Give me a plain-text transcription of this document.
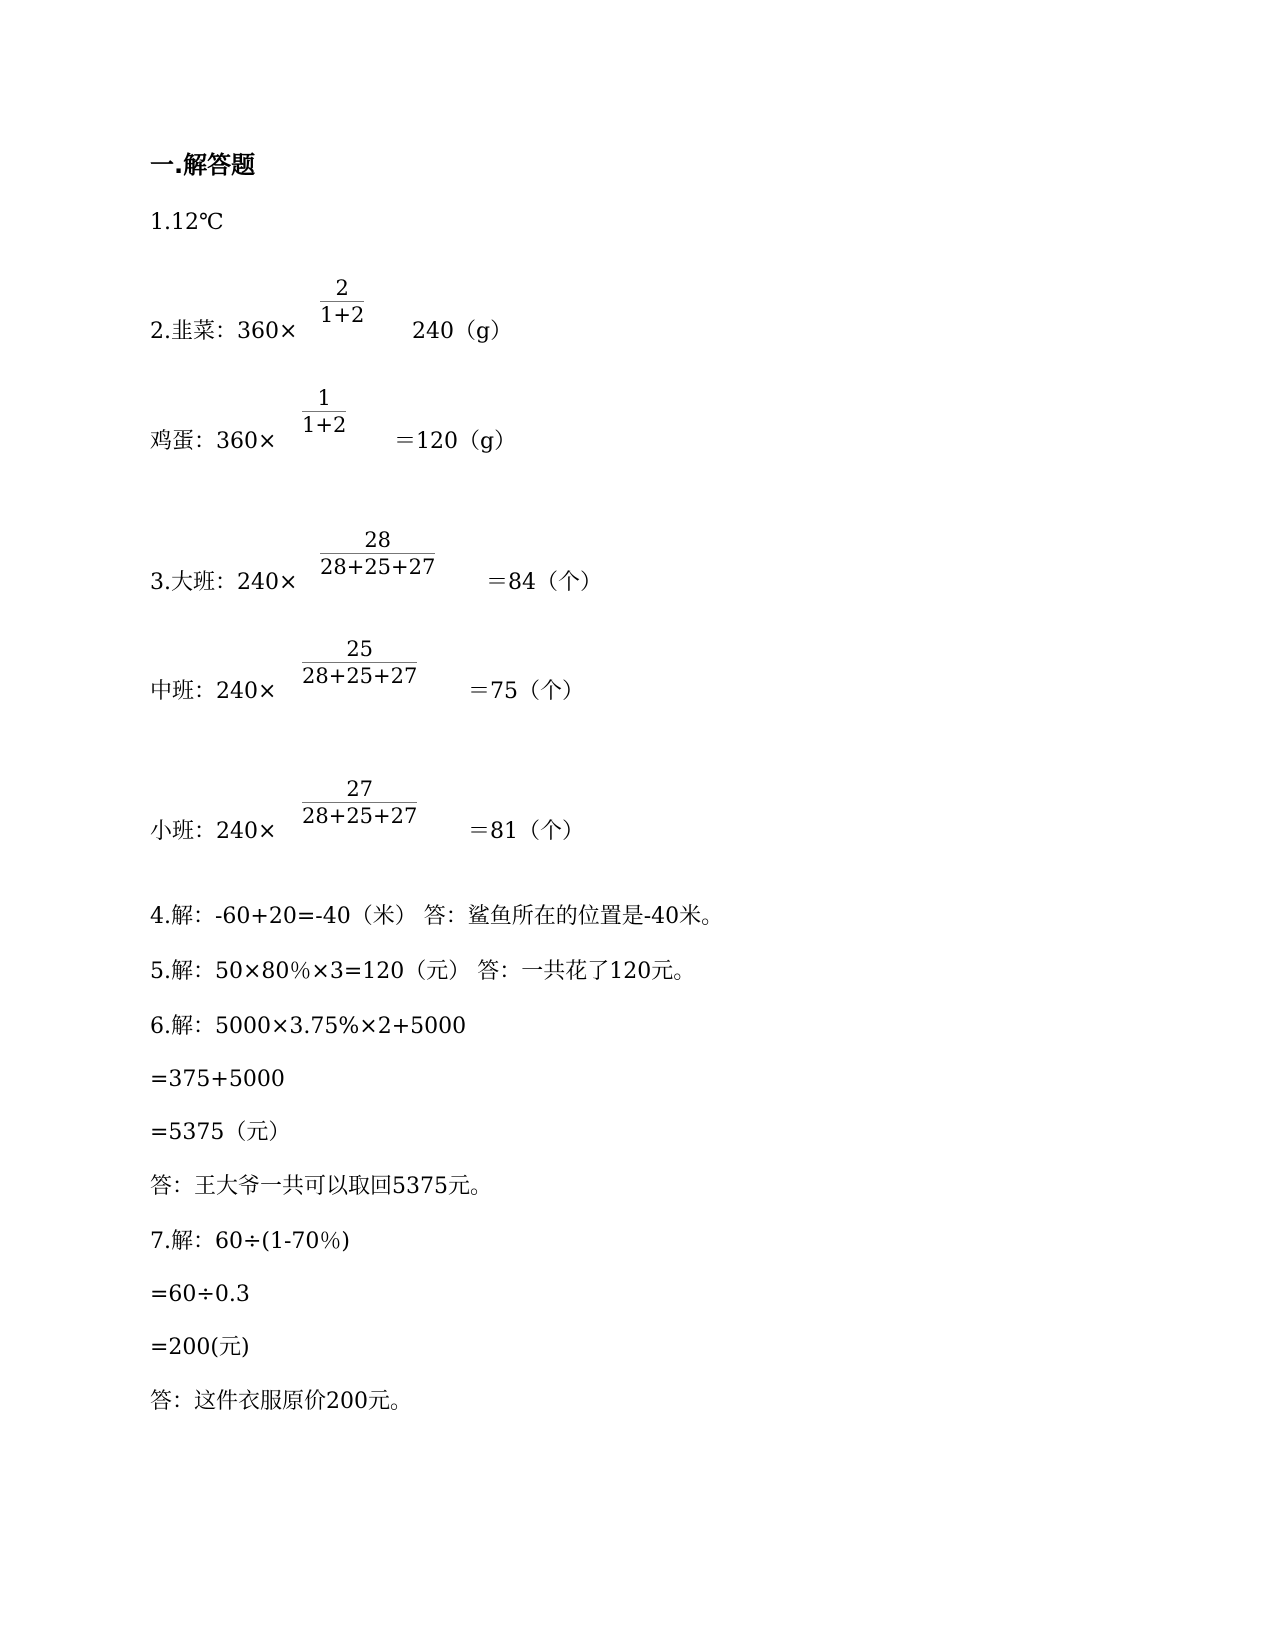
一.解答题
1.12℃
2.韭菜：360×
$\frac{2}{1+2}$
240（g）
鸡蛋：360×
$\frac{1}{1+2}$
＝120（g）
3.大班：240×
$\frac{28}{28+25+27}$
＝84（个）
中班：240×
$\frac{25}{28+25+27}$
＝75（个）
小班：240×
$\frac{27}{28+25+27}$
＝81（个）
4.解：-60+20=-40（米） 答：鲨鱼所在的位置是-40米。
5.解：50×80％×3=120（元） 答：一共花了120元。
6.解：5000×3.75%×2+5000
=375+5000
=5375（元）
答：王大爷一共可以取回5375元。
7.解：60÷(1-70％)
=60÷0.3
=200(元)
答：这件衣服原价200元。
